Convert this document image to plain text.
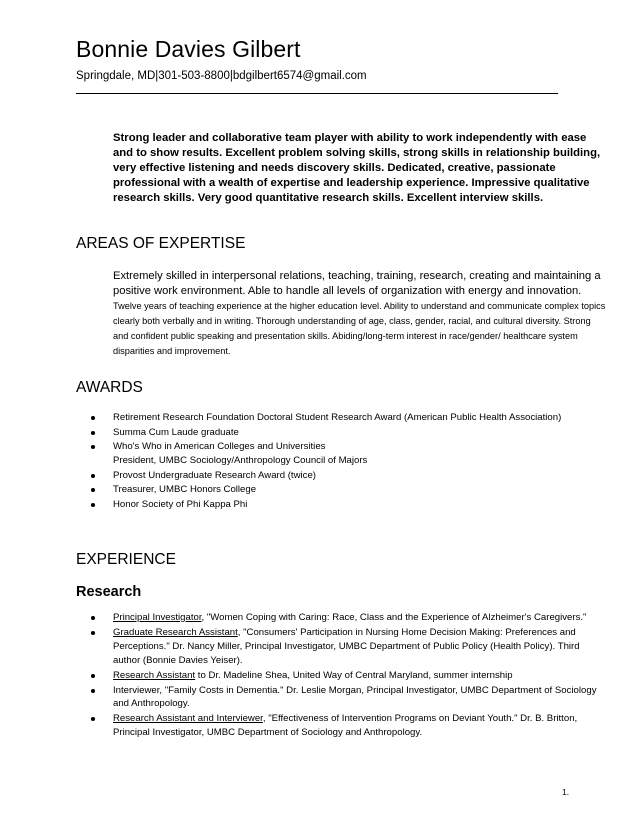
Bonnie Davies Gilbert
Springdale, MD|301-503-8800|bdgilbert6574@gmail.com

Strong leader and collaborative team player with ability to work independently with ease and to show results. Excellent problem solving skills, strong skills in relationship building, very effective listening and needs discovery skills. Dedicated, creative, passionate professional with a wealth of expertise and leadership experience. Impressive qualitative research skills. Very good quantitative research skills. Excellent interview skills.

AREAS OF EXPERTISE

Extremely skilled in interpersonal relations, teaching, training, research, creating and maintaining a positive work environment. Able to handle all levels of organization with energy and innovation. Twelve years of teaching experience at the higher education level. Ability to understand and communicate complex topics clearly both verbally and in writing. Thorough understanding of age, class, gender, racial, and cultural diversity. Strong and confident public speaking and presentation skills. Abiding/long-term interest in race/gender/ healthcare system disparities and improvement.

AWARDS
Retirement Research Foundation Doctoral Student Research Award (American Public Health Association)
Summa Cum Laude graduate
Who's Who in American Colleges and Universities
President, UMBC Sociology/Anthropology Council of Majors
Provost Undergraduate Research Award (twice)
Treasurer, UMBC Honors College
Honor Society of Phi Kappa Phi
EXPERIENCE
Research
Principal Investigator, "Women Coping with Caring: Race, Class and the Experience of Alzheimer's Caregivers."
Graduate Research Assistant, "Consumers' Participation in Nursing Home Decision Making: Preferences and Perceptions." Dr. Nancy Miller, Principal Investigator, UMBC Department of Public Policy (Health Policy). Third author (Bonnie Davies Yeiser).
Research Assistant to Dr. Madeline Shea, United Way of Central Maryland, summer internship
Interviewer, "Family Costs in Dementia." Dr. Leslie Morgan, Principal Investigator, UMBC Department of Sociology and Anthropology.
Research Assistant and Interviewer, "Effectiveness of Intervention Programs on Deviant Youth." Dr. B. Britton, Principal Investigator, UMBC Department of Sociology and Anthropology.
1.
